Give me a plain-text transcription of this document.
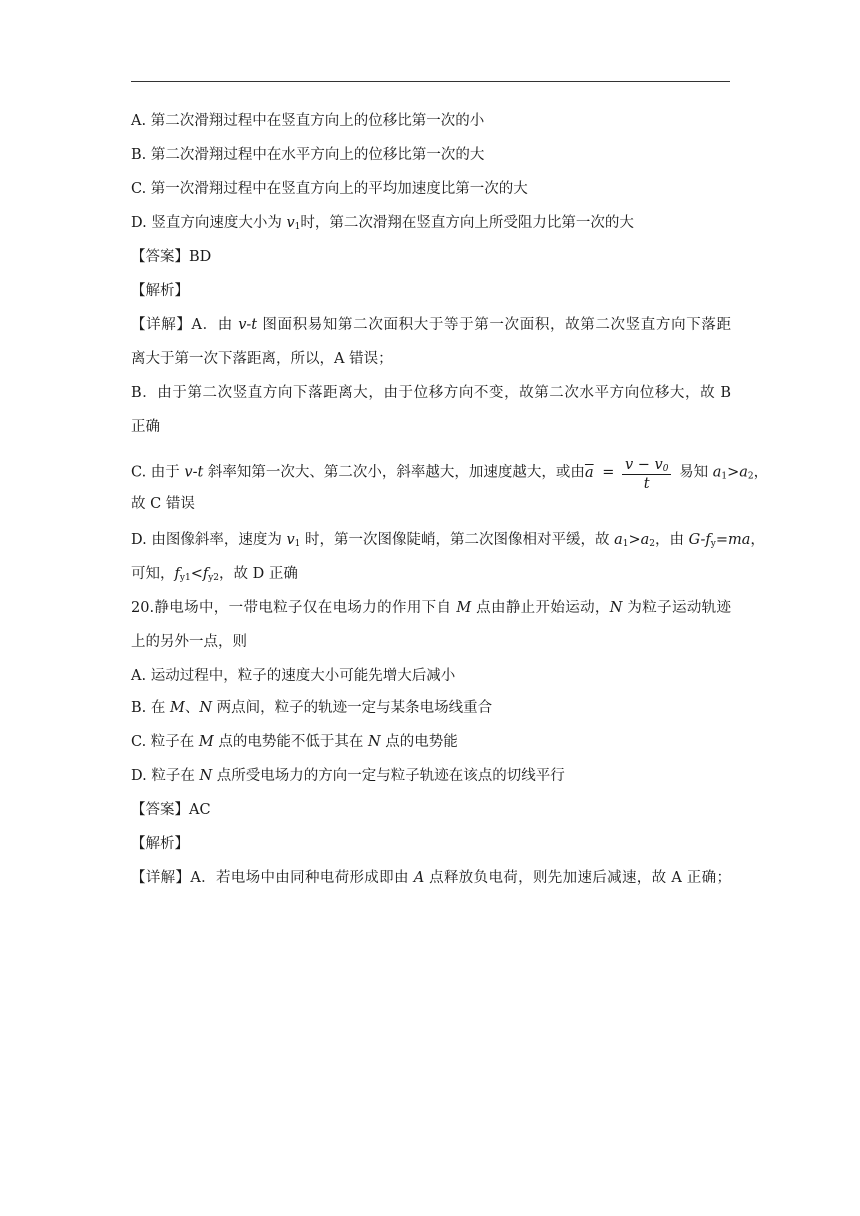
A. 第二次滑翔过程中在竖直方向上的位移比第一次的小
B. 第二次滑翔过程中在水平方向上的位移比第一次的大
C. 第一次滑翔过程中在竖直方向上的平均加速度比第一次的大
D. 竖直方向速度大小为 $v_1$时，第二次滑翔在竖直方向上所受阻力比第一次的大
【答案】BD
【解析】
【详解】A．由 v-t 图面积易知第二次面积大于等于第一次面积，故第二次竖直方向下落距
离大于第一次下落距离，所以，A 错误；
B．由于第二次竖直方向下落距离大，由于位移方向不变，故第二次水平方向位移大，故 B
正确
C. 由于 v-t 斜率知第一次大、第二次小，斜率越大，加速度越大，或由$\overline{a} = \frac{v - v_0}{t}$ 易知 $a_1>a_2$，
故 C 错误
D. 由图像斜率，速度为 $v_1$ 时，第一次图像陡峭，第二次图像相对平缓，故 $a_1>a_2$，由 $G-f_y=ma$，
可知，$f_{y1}<f_{y2}$，故 D 正确
20.静电场中，一带电粒子仅在电场力的作用下自 M 点由静止开始运动，N 为粒子运动轨迹
上的另外一点，则
A. 运动过程中，粒子的速度大小可能先增大后减小
B. 在 M、N 两点间，粒子的轨迹一定与某条电场线重合
C. 粒子在 M 点的电势能不低于其在 N 点的电势能
D. 粒子在 N 点所受电场力的方向一定与粒子轨迹在该点的切线平行
【答案】AC
【解析】
【详解】A．若电场中由同种电荷形成即由 A 点释放负电荷，则先加速后减速，故 A 正确；
